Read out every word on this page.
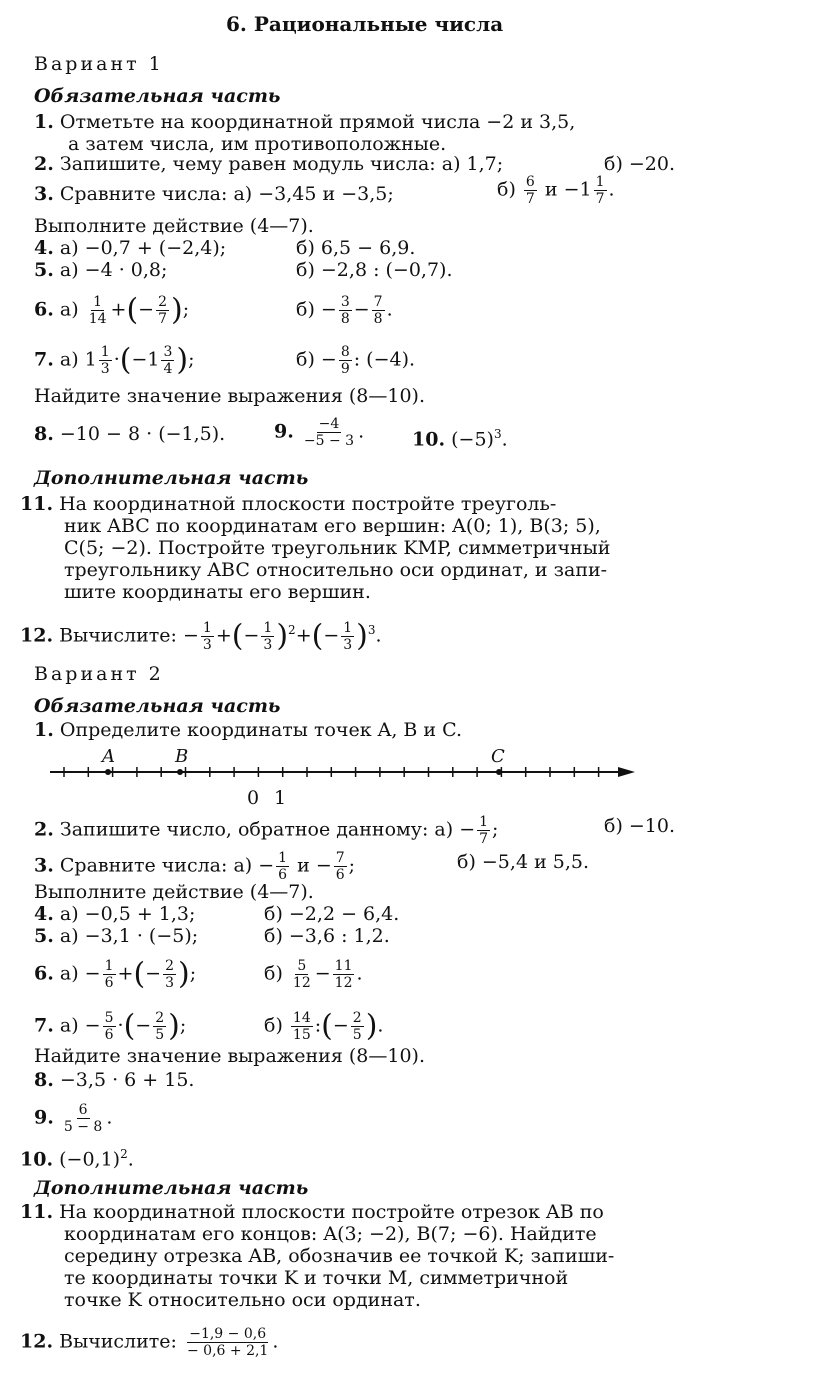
6. Рациональные числа
Вариант 1
Обязательная часть
1. Отметьте на координатной прямой числа −2 и 3,5,
а затем числа, им противоположные.
2. Запишите, чему равен модуль числа: а) 1,7;	б) −20.
3. Сравните числа: а) −3,45 и −3,5;	$б) \frac{6}{7}$ $и -1 \frac{1}{7}$ .
Выполните действие (4—7).
4. а) −0,7 + (−2,4);	б) 6,5 − 6,9.
5. а) −4 · 0,8;	б) −2,8 : (−0,7).
6. $а) \frac{1}{14}$ +(− $\frac{2}{7}$ );	$б) - \frac{3}{8} - \frac{7}{8}$ .
7. а) $1 \frac{1}{3} \cdot(-1 \frac{3}{4}$ );	$б) - \frac{8}{9}$ : (−4).
Найдите значение выражения (8—10).
8. −10 − 8 · (−1,5).	9. $\frac{-4}{-5 - 3}$ .	10. $(-5)^3$.
Дополнительная часть
11. На координатной плоскости постройте треуголь-
ник ABC по координатам его вершин: A(0; 1), B(3; 5),
C(5; −2). Постройте треугольник KMP, симметричный
треугольнику ABC относительно оси ординат, и запи-
шите координаты его вершин.
12. Вычислите: − $\frac{1}{3}$ +(− $\frac{1}{3} )^2+(- \frac{1}{3} )^3$.
Вариант 2
Обязательная часть
1. Определите координаты точек A, B и C.
A	B	C
0 1
2. Запишите число, обратное данному: $а) - \frac{1}{7}$ ;	б) −10.
3. Сравните числа: $а) - \frac{1}{6}$ $и - \frac{7}{6}$ ;	б) −5,4 и 5,5.
Выполните действие (4—7).
4. а) −0,5 + 1,3;	б) −2,2 − 6,4.
5. а) −3,1 · (−5);	б) −3,6 : 1,2.
6. $а) - \frac{1}{6}$ +(− $\frac{2}{3}$ );	$б) \frac{5}{12} - \frac{11}{12}$ .
7. $а) - \frac{5}{6}$ ·(− $\frac{2}{5}$ );	$б) \frac{14}{15}$ :(− $\frac{2}{5}$ ).
Найдите значение выражения (8—10).
8. −3,5 · 6 + 15.
9. $\frac{6}{5 - 8}$ .
10. $(-0,1)^2$.
Дополнительная часть
11. На координатной плоскости постройте отрезок AB по
координатам его концов: A(3; −2), B(7; −6). Найдите
середину отрезка AB, обозначив ее точкой K; запиши-
те координаты точки K и точки M, симметричной
точке K относительно оси ординат.
12. Вычислите: $\frac{-1,9 - 0,6}{- 0,6 + 2,1}$ .
